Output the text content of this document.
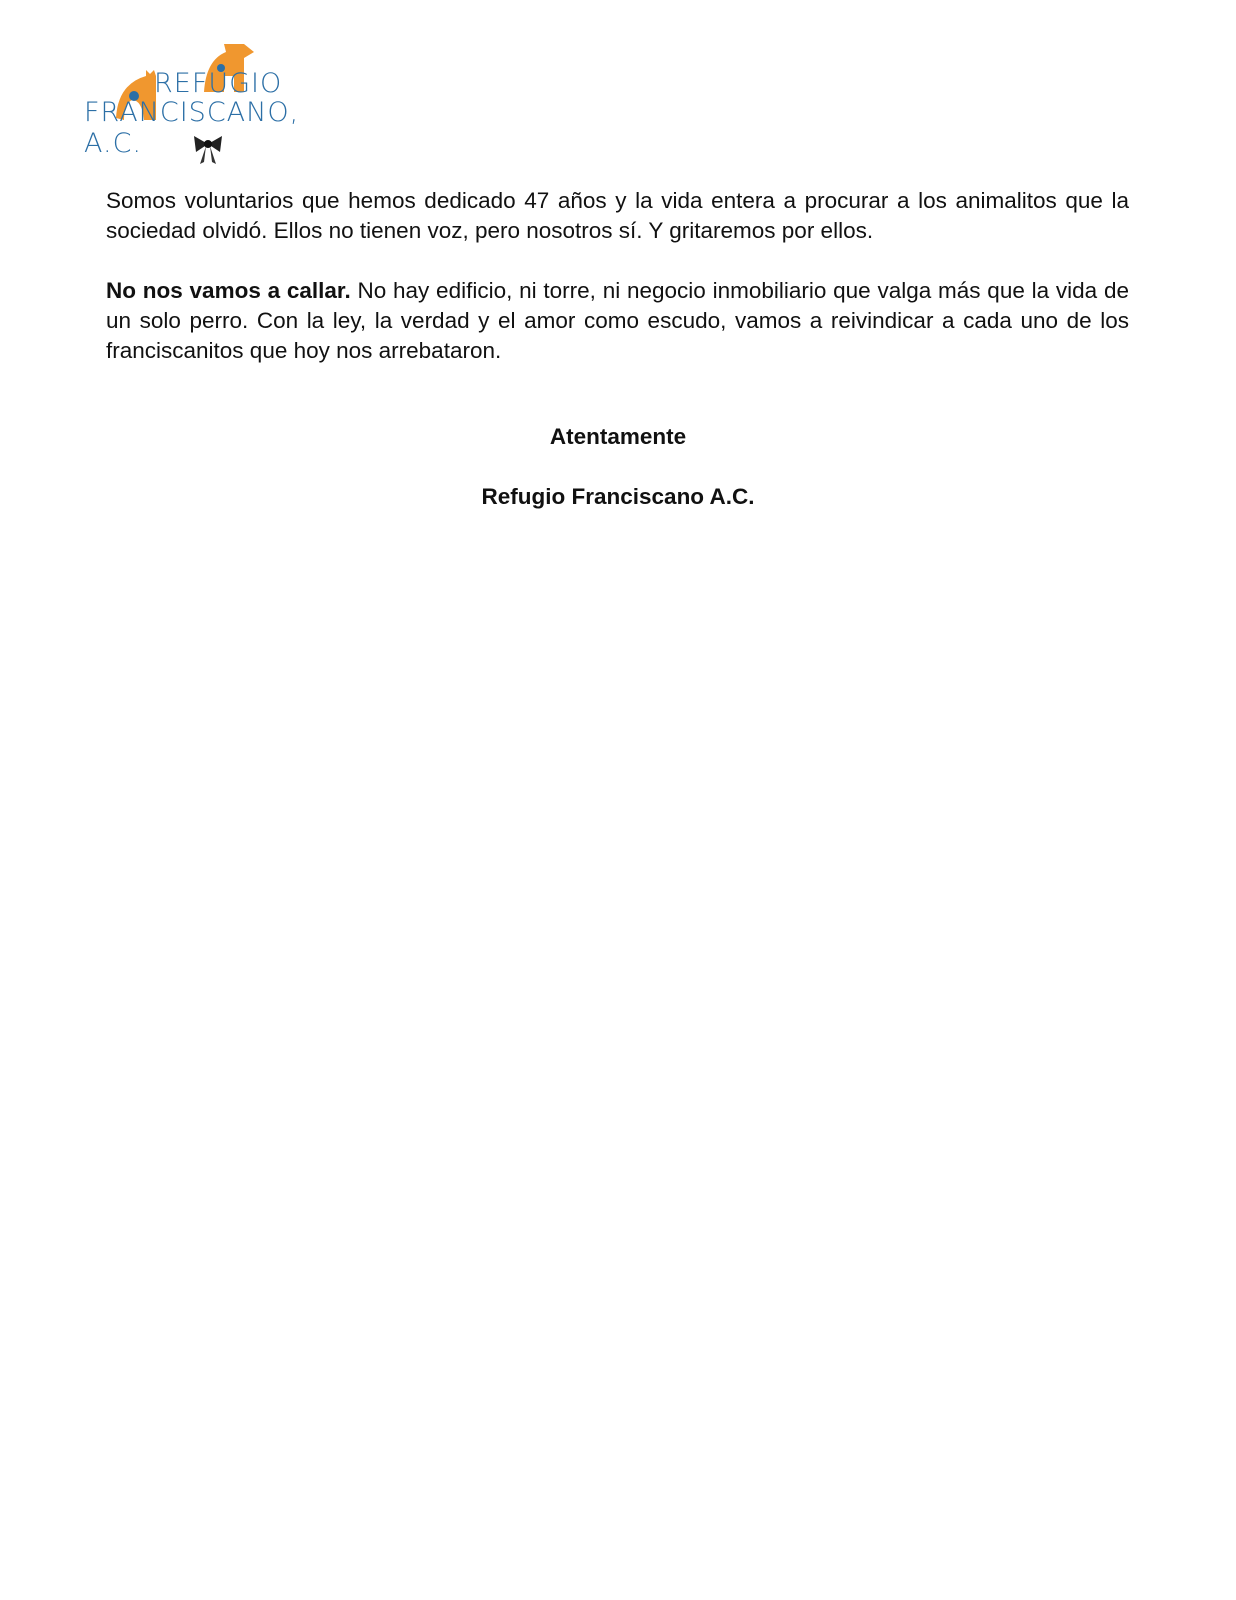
REFUGIO
FRANCISCANO, A.C.

Somos voluntarios que hemos dedicado 47 años y la vida entera a procurar a los animalitos que la sociedad olvidó. Ellos no tienen voz, pero nosotros sí. Y gritaremos por ellos.

No nos vamos a callar. No hay edificio, ni torre, ni negocio inmobiliario que valga más que la vida de un solo perro. Con la ley, la verdad y el amor como escudo, vamos a reivindicar a cada uno de los franciscanitos que hoy nos arrebataron.

Atentamente
Refugio Franciscano A.C.
